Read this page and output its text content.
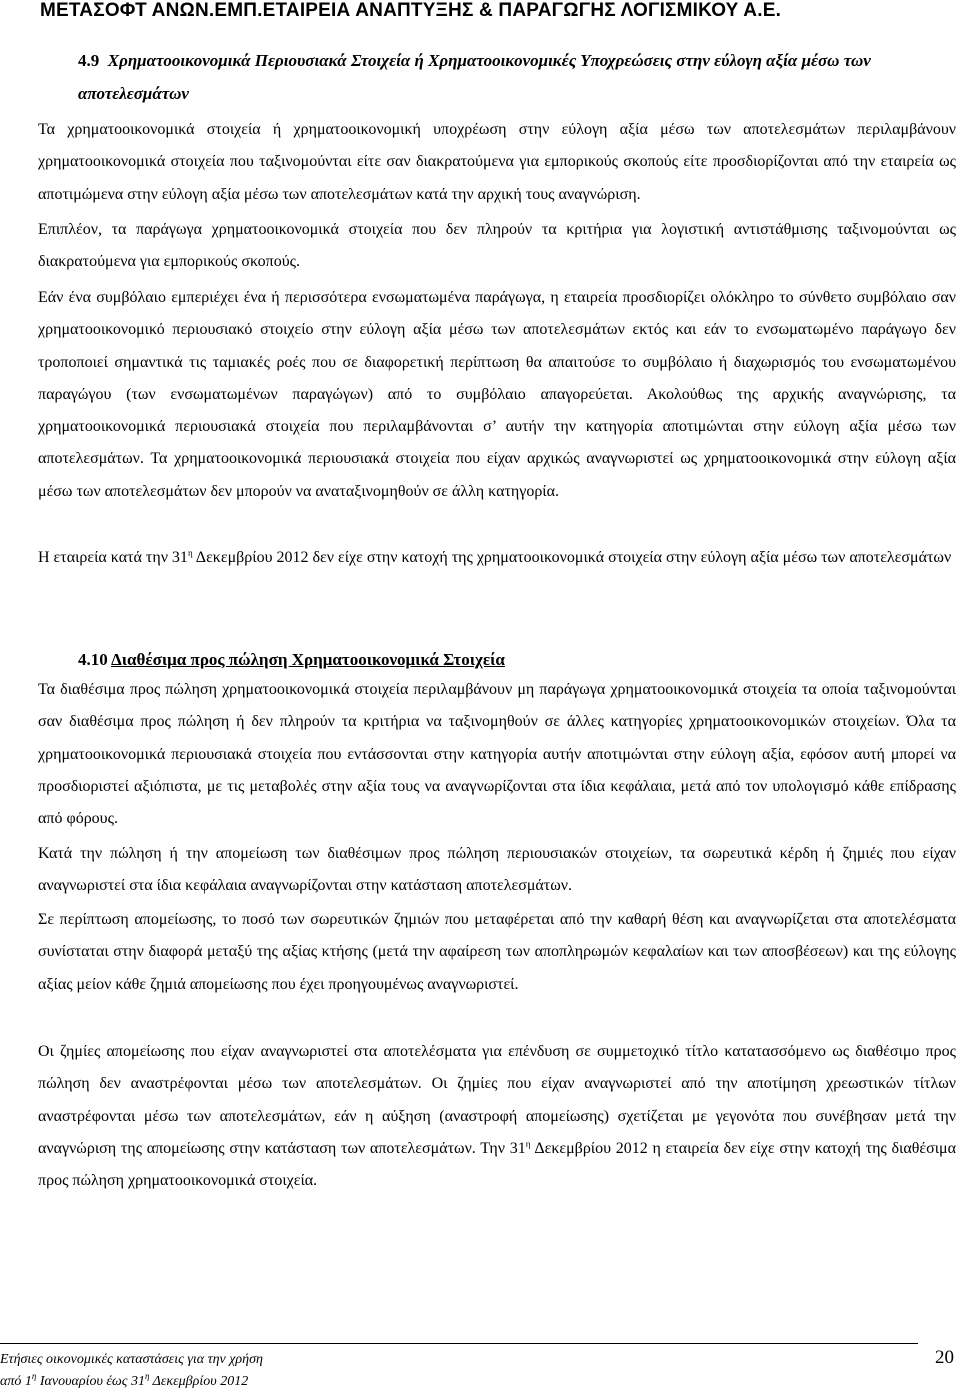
ΜΕΤΑΣΟΦΤ ΑΝΩΝ.ΕΜΠ.ΕΤΑΙΡΕΙΑ ΑΝΑΠΤΥΞΗΣ & ΠΑΡΑΓΩΓΗΣ ΛΟΓΙΣΜΙΚΟΥ Α.Ε.
4.9 Χρηματοοικονομικά Περιουσιακά Στοιχεία ή Χρηματοοικονομικές Υποχρεώσεις στην εύλογη αξία μέσω των αποτελεσμάτων
Τα χρηματοοικονομικά στοιχεία ή χρηματοοικονομική υποχρέωση στην εύλογη αξία μέσω των αποτελεσμάτων περιλαμβάνουν χρηματοοικονομικά στοιχεία που ταξινομούνται είτε σαν διακρατούμενα για εμπορικούς σκοπούς είτε προσδιορίζονται από την εταιρεία ως αποτιμώμενα στην εύλογη αξία μέσω των αποτελεσμάτων κατά την αρχική τους αναγνώριση.
Επιπλέον, τα παράγωγα χρηματοοικονομικά στοιχεία που δεν πληρούν τα κριτήρια για λογιστική αντιστάθμισης ταξινομούνται ως διακρατούμενα για εμπορικούς σκοπούς.
Εάν ένα συμβόλαιο εμπεριέχει ένα ή περισσότερα ενσωματωμένα παράγωγα, η εταιρεία προσδιορίζει ολόκληρο το σύνθετο συμβόλαιο σαν χρηματοοικονομικό περιουσιακό στοιχείο στην εύλογη αξία μέσω των αποτελεσμάτων εκτός και εάν το ενσωματωμένο παράγωγο δεν τροποποιεί σημαντικά τις ταμιακές ροές που σε διαφορετική περίπτωση θα απαιτούσε το συμβόλαιο ή διαχωρισμός του ενσωματωμένου παραγώγου (των ενσωματωμένων παραγώγων) από το συμβόλαιο απαγορεύεται. Ακολούθως της αρχικής αναγνώρισης, τα χρηματοοικονομικά περιουσιακά στοιχεία που περιλαμβάνονται σ’ αυτήν την κατηγορία αποτιμώνται στην εύλογη αξία μέσω των αποτελεσμάτων. Τα χρηματοοικονομικά περιουσιακά στοιχεία που είχαν αρχικώς αναγνωριστεί ως χρηματοοικονομικά στην εύλογη αξία μέσω των αποτελεσμάτων δεν μπορούν να αναταξινομηθούν σε άλλη κατηγορία.
Η εταιρεία κατά την $31^\eta$ Δεκεμβρίου 2012 δεν είχε στην κατοχή της χρηματοοικονομικά στοιχεία στην εύλογη αξία μέσω των αποτελεσμάτων
4.10 Διαθέσιμα προς πώληση Χρηματοοικονομικά Στοιχεία
Τα διαθέσιμα προς πώληση χρηματοοικονομικά στοιχεία περιλαμβάνουν μη παράγωγα χρηματοοικονομικά στοιχεία τα οποία ταξινομούνται σαν διαθέσιμα προς πώληση ή δεν πληρούν τα κριτήρια να ταξινομηθούν σε άλλες κατηγορίες χρηματοοικονομικών στοιχείων. Όλα τα χρηματοοικονομικά περιουσιακά στοιχεία που εντάσσονται στην κατηγορία αυτήν αποτιμώνται στην εύλογη αξία, εφόσον αυτή μπορεί να προσδιοριστεί αξιόπιστα, με τις μεταβολές στην αξία τους να αναγνωρίζονται στα ίδια κεφάλαια, μετά από τον υπολογισμό κάθε επίδρασης από φόρους.
Κατά την πώληση ή την απομείωση των διαθέσιμων προς πώληση περιουσιακών στοιχείων, τα σωρευτικά κέρδη ή ζημιές που είχαν αναγνωριστεί στα ίδια κεφάλαια αναγνωρίζονται στην κατάσταση αποτελεσμάτων.
Σε περίπτωση απομείωσης, το ποσό των σωρευτικών ζημιών που μεταφέρεται από την καθαρή θέση και αναγνωρίζεται στα αποτελέσματα συνίσταται στην διαφορά μεταξύ της αξίας κτήσης (μετά την αφαίρεση των αποπληρωμών κεφαλαίων και των αποσβέσεων) και της εύλογης αξίας μείον κάθε ζημιά απομείωσης που έχει προηγουμένως αναγνωριστεί.
Οι ζημίες απομείωσης που είχαν αναγνωριστεί στα αποτελέσματα για επένδυση σε συμμετοχικό τίτλο κατατασσόμενο ως διαθέσιμο προς πώληση δεν αναστρέφονται μέσω των αποτελεσμάτων. Οι ζημίες που είχαν αναγνωριστεί από την αποτίμηση χρεωστικών τίτλων αναστρέφονται μέσω των αποτελεσμάτων, εάν η αύξηση (αναστροφή απομείωσης) σχετίζεται με γεγονότα που συνέβησαν μετά την αναγνώριση της απομείωσης στην κατάσταση των αποτελεσμάτων. Την $31^\eta$ Δεκεμβρίου 2012 η εταιρεία δεν είχε στην κατοχή της διαθέσιμα προς πώληση χρηματοοικονομικά στοιχεία.
Ετήσιες οικονομικές καταστάσεις για την χρήση
από $1^\eta$ Ιανουαρίου έως $31^\eta$ Δεκεμβρίου 2012
20
